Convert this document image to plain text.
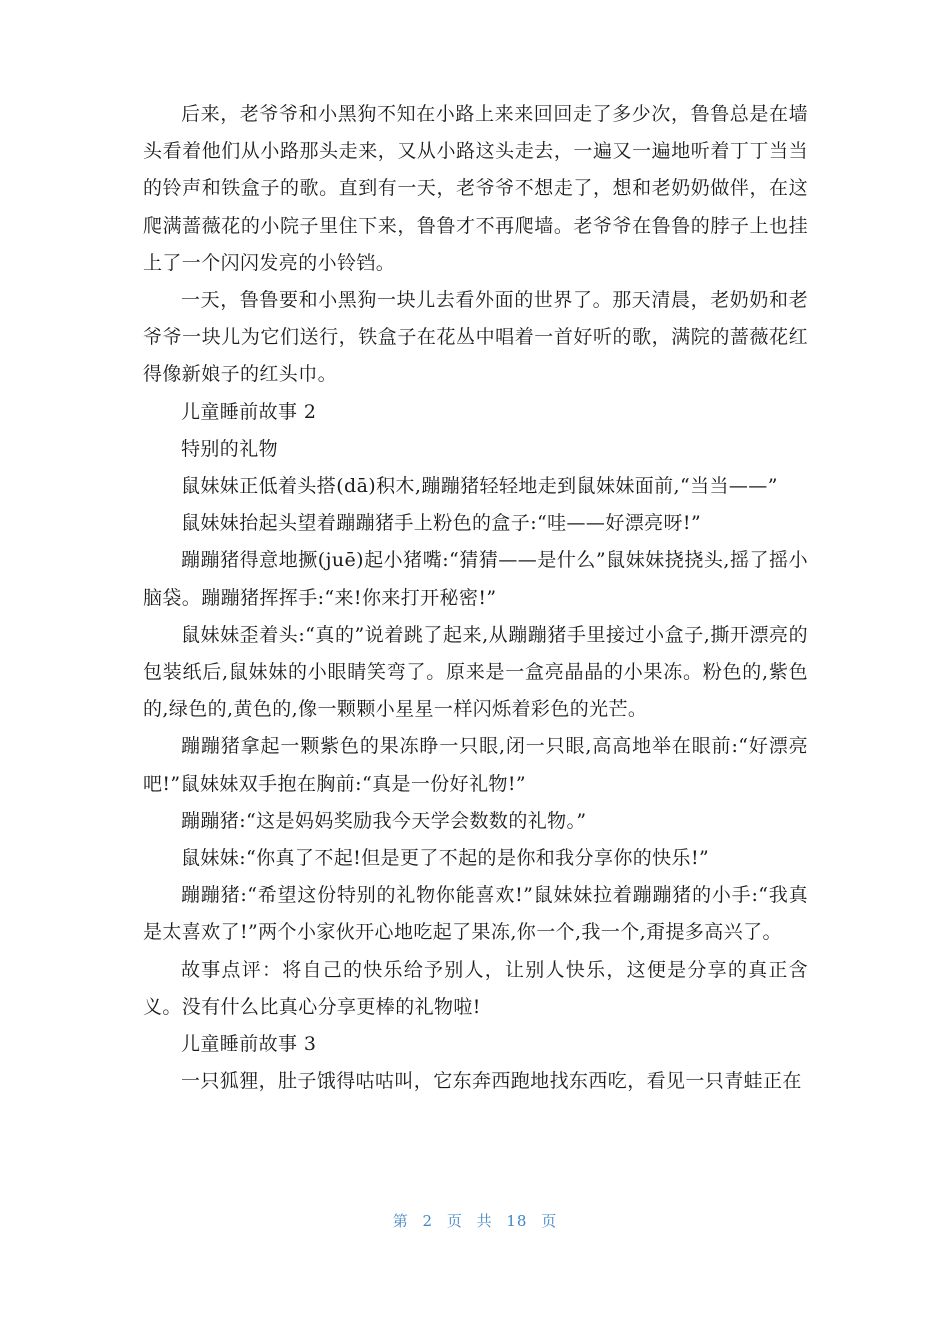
后来，老爷爷和小黑狗不知在小路上来来回回走了多少次，鲁鲁总是在墙头看着他们从小路那头走来，又从小路这头走去，一遍又一遍地听着丁丁当当的铃声和铁盒子的歌。直到有一天，老爷爷不想走了，想和老奶奶做伴，在这爬满蔷薇花的小院子里住下来，鲁鲁才不再爬墙。老爷爷在鲁鲁的脖子上也挂上了一个闪闪发亮的小铃铛。

一天，鲁鲁要和小黑狗一块儿去看外面的世界了。那天清晨，老奶奶和老爷爷一块儿为它们送行，铁盒子在花丛中唱着一首好听的歌，满院的蔷薇花红得像新娘子的红头巾。

儿童睡前故事 2

特别的礼物

鼠妹妹正低着头搭(dā)积木,蹦蹦猪轻轻地走到鼠妹妹面前,“当当——”

鼠妹妹抬起头望着蹦蹦猪手上粉色的盒子:“哇——好漂亮呀!”

蹦蹦猪得意地撅(juē)起小猪嘴:“猜猜——是什么”鼠妹妹挠挠头,摇了摇小脑袋。蹦蹦猪挥挥手:“来!你来打开秘密!”

鼠妹妹歪着头:“真的”说着跳了起来,从蹦蹦猪手里接过小盒子,撕开漂亮的包装纸后,鼠妹妹的小眼睛笑弯了。原来是一盒亮晶晶的小果冻。粉色的,紫色的,绿色的,黄色的,像一颗颗小星星一样闪烁着彩色的光芒。

蹦蹦猪拿起一颗紫色的果冻睁一只眼,闭一只眼,高高地举在眼前:“好漂亮吧!”鼠妹妹双手抱在胸前:“真是一份好礼物!”

蹦蹦猪:“这是妈妈奖励我今天学会数数的礼物。”

鼠妹妹:“你真了不起!但是更了不起的是你和我分享你的快乐!”

蹦蹦猪:“希望这份特别的礼物你能喜欢!”鼠妹妹拉着蹦蹦猪的小手:“我真是太喜欢了!”两个小家伙开心地吃起了果冻,你一个,我一个,甭提多高兴了。

故事点评：将自己的快乐给予别人，让别人快乐，这便是分享的真正含义。没有什么比真心分享更棒的礼物啦!

儿童睡前故事 3

一只狐狸，肚子饿得咕咕叫，它东奔西跑地找东西吃，看见一只青蛙正在

第 2 页 共 18 页
